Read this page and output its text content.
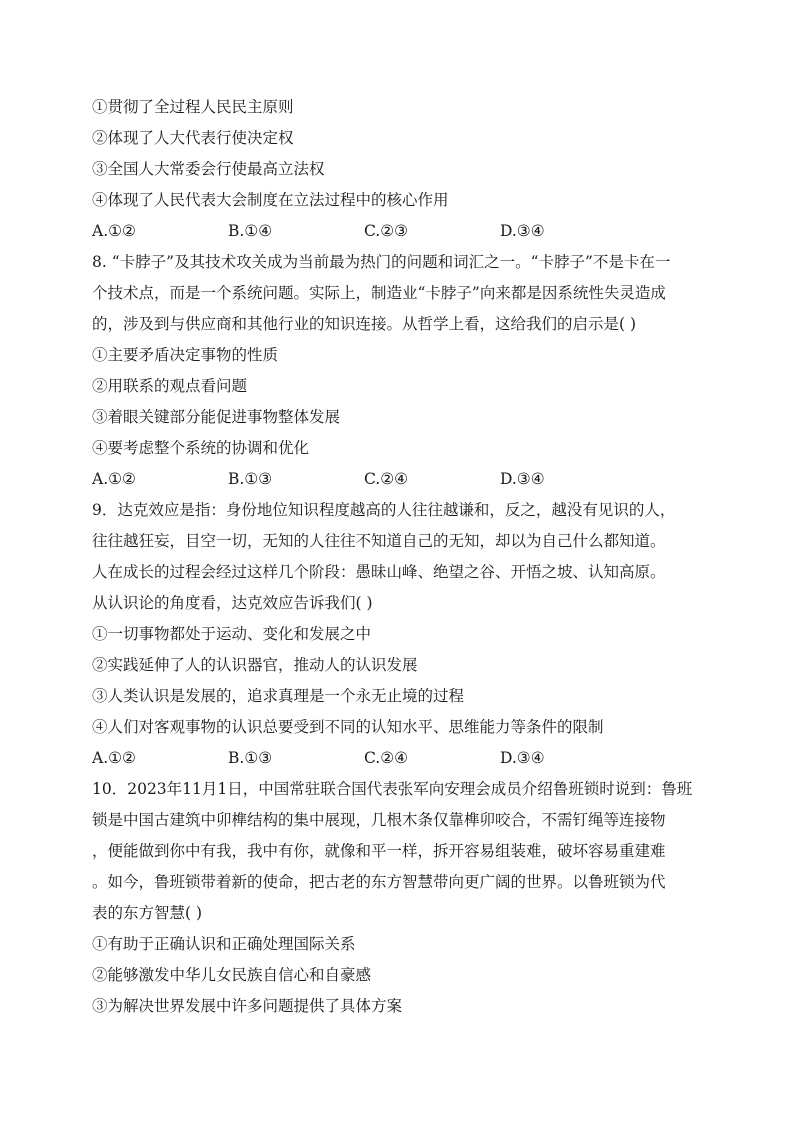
①贯彻了全过程人民民主原则
②体现了人大代表行使决定权
③全国人大常委会行使最高立法权
④体现了人民代表大会制度在立法过程中的核心作用
A.①②	B.①④	C.②③	D.③④
8. “卡脖子”及其技术攻关成为当前最为热门的问题和词汇之一。“卡脖子”不是卡在一
个技术点，而是一个系统问题。实际上，制造业“卡脖子”向来都是因系统性失灵造成
的，涉及到与供应商和其他行业的知识连接。从哲学上看，这给我们的启示是( )
①主要矛盾决定事物的性质
②用联系的观点看问题
③着眼关键部分能促进事物整体发展
④要考虑整个系统的协调和优化
A.①②	B.①③	C.②④	D.③④
9．达克效应是指：身份地位知识程度越高的人往往越谦和，反之，越没有见识的人，
往往越狂妄，目空一切，无知的人往往不知道自己的无知，却以为自己什么都知道。
人在成长的过程会经过这样几个阶段：愚昧山峰、绝望之谷、开悟之坡、认知高原。
从认识论的角度看，达克效应告诉我们( )
①一切事物都处于运动、变化和发展之中
②实践延伸了人的认识器官，推动人的认识发展
③人类认识是发展的，追求真理是一个永无止境的过程
④人们对客观事物的认识总要受到不同的认知水平、思维能力等条件的限制
A.①②	B.①③	C.②④	D.③④
10．2023年11月1日，中国常驻联合国代表张军向安理会成员介绍鲁班锁时说到：鲁班
锁是中国古建筑中卯榫结构的集中展现，几根木条仅靠榫卯咬合，不需钉绳等连接物
，便能做到你中有我，我中有你，就像和平一样，拆开容易组装难，破坏容易重建难
。如今，鲁班锁带着新的使命，把古老的东方智慧带向更广阔的世界。以鲁班锁为代
表的东方智慧( )
①有助于正确认识和正确处理国际关系
②能够激发中华儿女民族自信心和自豪感
③为解决世界发展中许多问题提供了具体方案
